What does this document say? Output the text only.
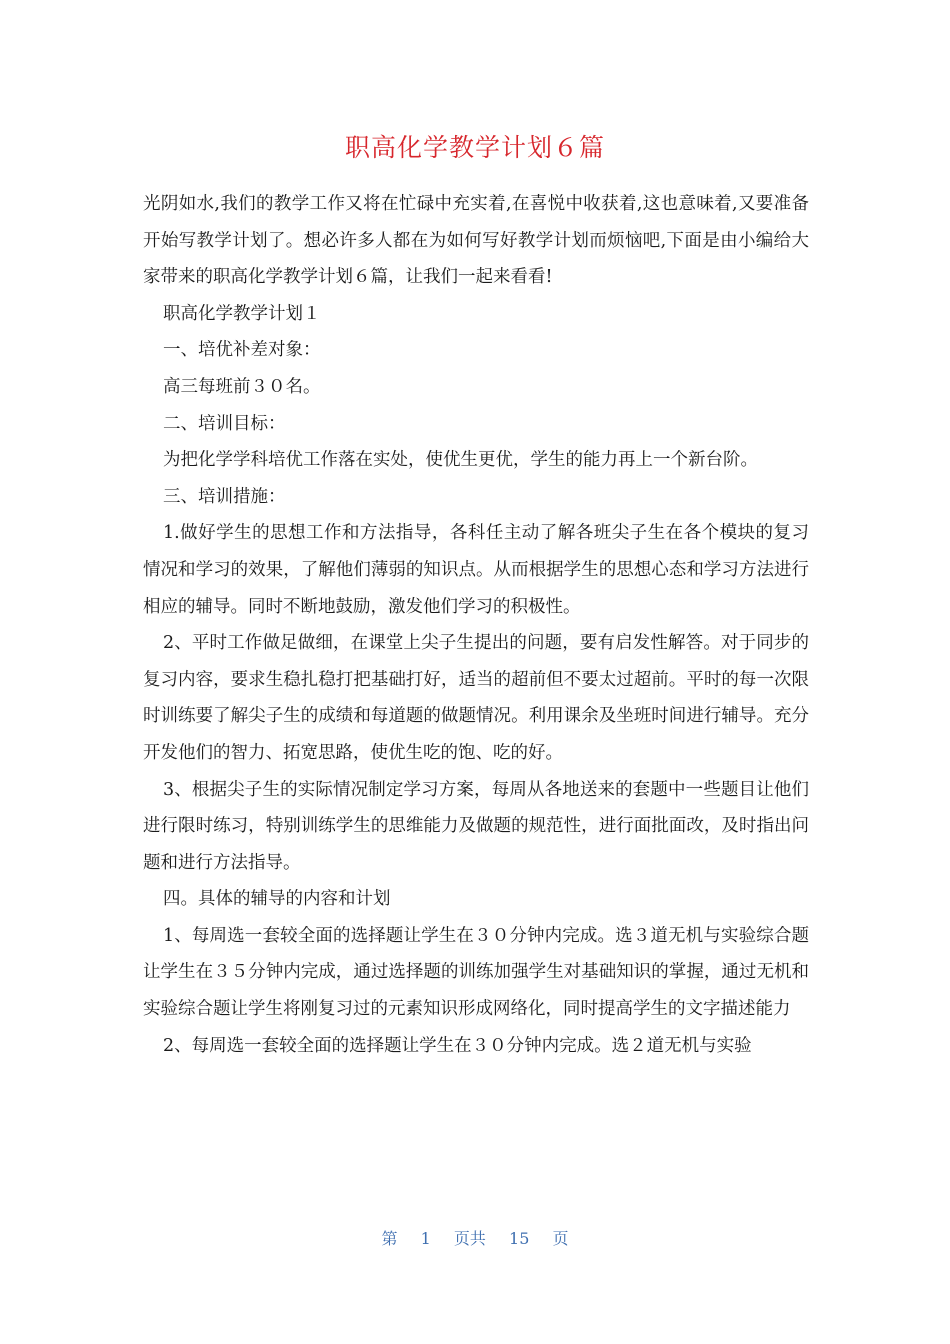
职高化学教学计划６篇

光阴如水,我们的教学工作又将在忙碌中充实着,在喜悦中收获着,这也意味着,又要准备开始写教学计划了。想必许多人都在为如何写好教学计划而烦恼吧,下面是由小编给大家带来的职高化学教学计划６篇，让我们一起来看看!

职高化学教学计划１

一、培优补差对象：

高三每班前３０名。

二、培训目标：

为把化学学科培优工作落在实处，使优生更优，学生的能力再上一个新台阶。

三、培训措施：

1.做好学生的思想工作和方法指导，各科任主动了解各班尖子生在各个模块的复习情况和学习的效果，了解他们薄弱的知识点。从而根据学生的思想心态和学习方法进行相应的辅导。同时不断地鼓励，激发他们学习的积极性。

2、平时工作做足做细，在课堂上尖子生提出的问题，要有启发性解答。对于同步的复习内容，要求生稳扎稳打把基础打好，适当的超前但不要太过超前。平时的每一次限时训练要了解尖子生的成绩和每道题的做题情况。利用课余及坐班时间进行辅导。充分开发他们的智力、拓宽思路，使优生吃的饱、吃的好。

3、根据尖子生的实际情况制定学习方案，每周从各地送来的套题中一些题目让他们进行限时练习，特别训练学生的思维能力及做题的规范性，进行面批面改，及时指出问题和进行方法指导。

四。具体的辅导的内容和计划

1、每周选一套较全面的选择题让学生在３０分钟内完成。选３道无机与实验综合题让学生在３５分钟内完成，通过选择题的训练加强学生对基础知识的掌握，通过无机和实验综合题让学生将刚复习过的元素知识形成网络化，同时提高学生的文字描述能力

2、每周选一套较全面的选择题让学生在３０分钟内完成。选２道无机与实验

第 1 页共 15 页
